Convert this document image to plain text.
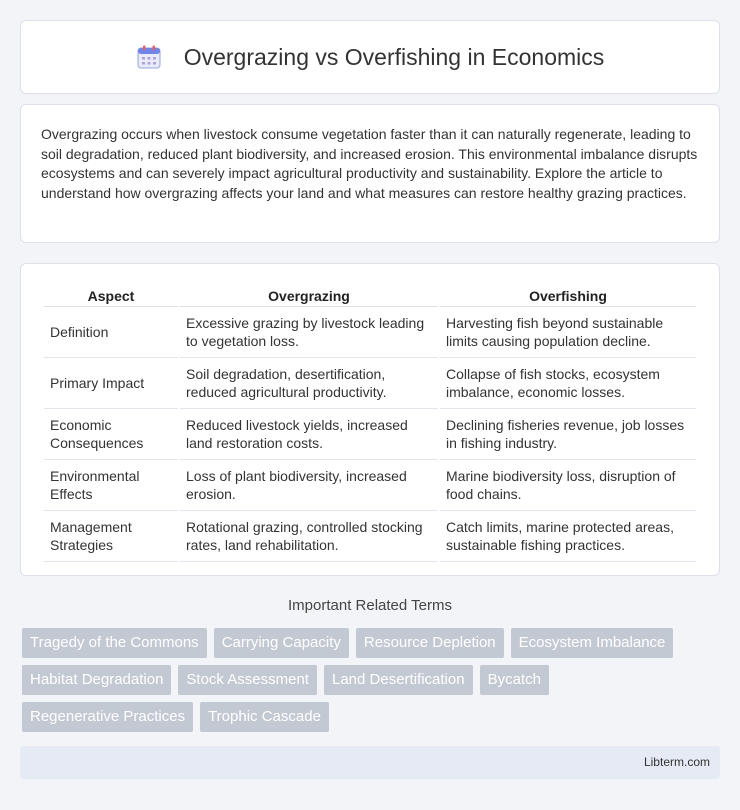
Overgrazing vs Overfishing in Economics

Overgrazing occurs when livestock consume vegetation faster than it can naturally regenerate, leading to soil degradation, reduced plant biodiversity, and increased erosion. This environmental imbalance disrupts ecosystems and can severely impact agricultural productivity and sustainability. Explore the article to understand how overgrazing affects your land and what measures can restore healthy grazing practices.

Aspect	Overgrazing	Overfishing
Definition	Excessive grazing by livestock leading to vegetation loss.	Harvesting fish beyond sustainable limits causing population decline.
Primary Impact	Soil degradation, desertification, reduced agricultural productivity.	Collapse of fish stocks, ecosystem imbalance, economic losses.
Economic Consequences	Reduced livestock yields, increased land restoration costs.	Declining fisheries revenue, job losses in fishing industry.
Environmental Effects	Loss of plant biodiversity, increased erosion.	Marine biodiversity loss, disruption of food chains.
Management Strategies	Rotational grazing, controlled stocking rates, land rehabilitation.	Catch limits, marine protected areas, sustainable fishing practices.
Important Related Terms
Tragedy of the Commons	Carrying Capacity	Resource Depletion	Ecosystem Imbalance
Habitat Degradation	Stock Assessment	Land Desertification	Bycatch
Regenerative Practices	Trophic Cascade
Libterm.com
